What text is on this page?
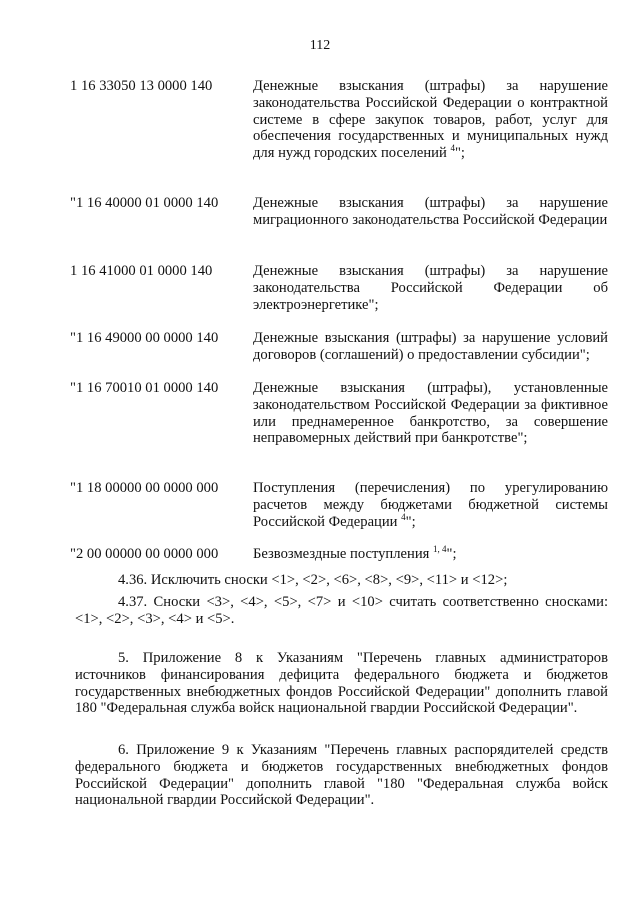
112
1 16 33050 13 0000 140	Денежные взыскания (штрафы) за нарушение законодательства Российской Федерации о контрактной системе в сфере закупок товаров, работ, услуг для обеспечения государственных и муниципальных нужд для нужд городских поселений $^4$";
"1 16 40000 01 0000 140	Денежные взыскания (штрафы) за нарушение миграционного законодательства Российской Федерации
1 16 41000 01 0000 140	Денежные взыскания (штрафы) за нарушение законодательства Российской Федерации об электроэнергетике";
"1 16 49000 00 0000 140	Денежные взыскания (штрафы) за нарушение условий договоров (соглашений) о предоставлении субсидии";
"1 16 70010 01 0000 140	Денежные взыскания (штрафы), установленные законодательством Российской Федерации за фиктивное или преднамеренное банкротство, за совершение неправомерных действий при банкротстве";
"1 18 00000 00 0000 000	Поступления (перечисления) по урегулированию расчетов между бюджетами бюджетной системы Российской Федерации $^4$";
"2 00 00000 00 0000 000	Безвозмездные поступления $^{1, 4}$";
4.36. Исключить сноски <1>, <2>, <6>, <8>, <9>, <11> и <12>;
4.37. Сноски <3>, <4>, <5>, <7> и <10> считать соответственно сносками: <1>, <2>, <3>, <4> и <5>.
5. Приложение 8 к Указаниям "Перечень главных администраторов источников финансирования дефицита федерального бюджета и бюджетов государственных внебюджетных фондов Российской Федерации" дополнить главой 180 "Федеральная служба войск национальной гвардии Российской Федерации".
6. Приложение 9 к Указаниям "Перечень главных распорядителей средств федерального бюджета и бюджетов государственных внебюджетных фондов Российской Федерации" дополнить главой "180 "Федеральная служба войск национальной гвардии Российской Федерации".
